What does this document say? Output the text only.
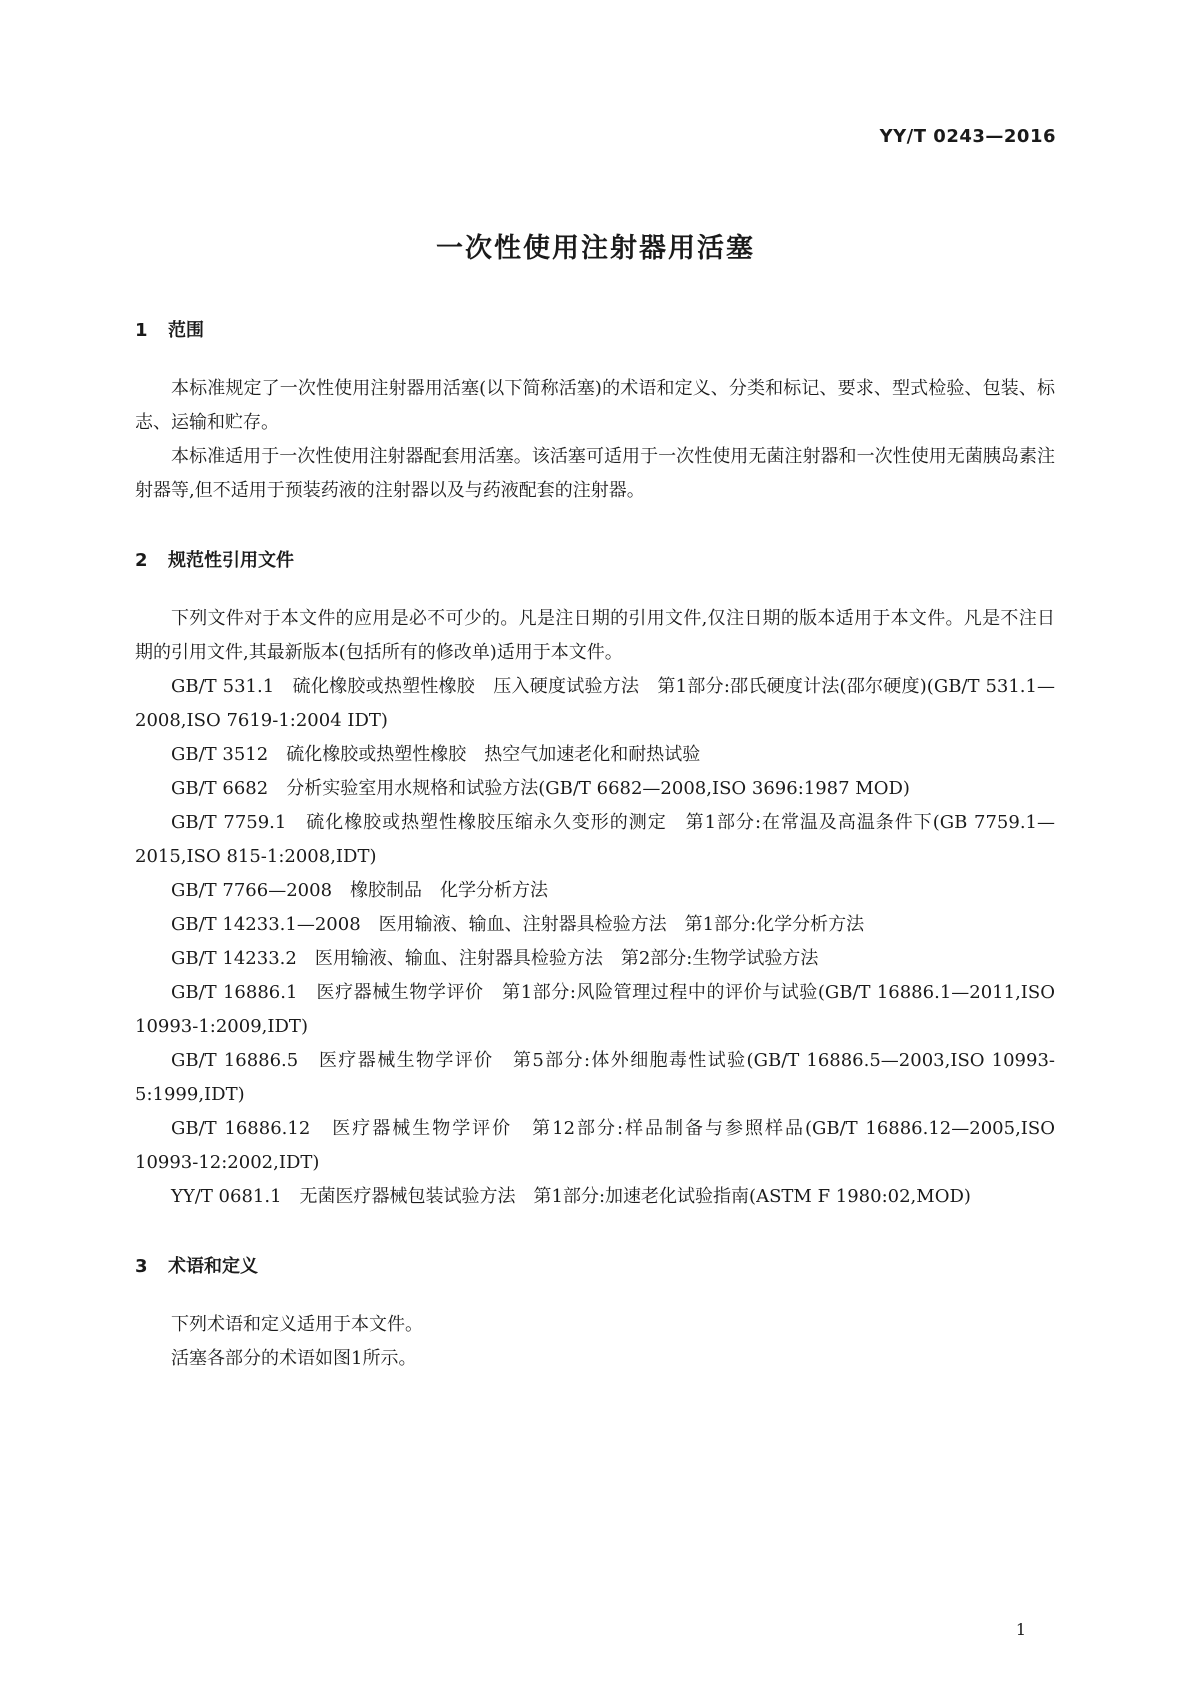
YY/T 0243—2016

一次性使用注射器用活塞
1 范围

本标准规定了一次性使用注射器用活塞(以下简称活塞)的术语和定义、分类和标记、要求、型式检验、包装、标志、运输和贮存。

本标准适用于一次性使用注射器配套用活塞。该活塞可适用于一次性使用无菌注射器和一次性使用无菌胰岛素注射器等,但不适用于预装药液的注射器以及与药液配套的注射器。

2 规范性引用文件

下列文件对于本文件的应用是必不可少的。凡是注日期的引用文件,仅注日期的版本适用于本文件。凡是不注日期的引用文件,其最新版本(包括所有的修改单)适用于本文件。

GB/T 531.1　硫化橡胶或热塑性橡胶　压入硬度试验方法　第1部分:邵氏硬度计法(邵尔硬度)(GB/T 531.1—2008,ISO 7619-1:2004 IDT)

GB/T 3512　硫化橡胶或热塑性橡胶　热空气加速老化和耐热试验

GB/T 6682　分析实验室用水规格和试验方法(GB/T 6682—2008,ISO 3696:1987 MOD)

GB/T 7759.1　硫化橡胶或热塑性橡胶压缩永久变形的测定　第1部分:在常温及高温条件下(GB 7759.1—2015,ISO 815-1:2008,IDT)

GB/T 7766—2008　橡胶制品　化学分析方法

GB/T 14233.1—2008　医用输液、输血、注射器具检验方法　第1部分:化学分析方法

GB/T 14233.2　医用输液、输血、注射器具检验方法　第2部分:生物学试验方法

GB/T 16886.1　医疗器械生物学评价　第1部分:风险管理过程中的评价与试验(GB/T 16886.1—2011,ISO 10993-1:2009,IDT)

GB/T 16886.5　医疗器械生物学评价　第5部分:体外细胞毒性试验(GB/T 16886.5—2003,ISO 10993-5:1999,IDT)

GB/T 16886.12　医疗器械生物学评价　第12部分:样品制备与参照样品(GB/T 16886.12—2005,ISO 10993-12:2002,IDT)

YY/T 0681.1　无菌医疗器械包装试验方法　第1部分:加速老化试验指南(ASTM F 1980:02,MOD)

3 术语和定义

下列术语和定义适用于本文件。

活塞各部分的术语如图1所示。

1
